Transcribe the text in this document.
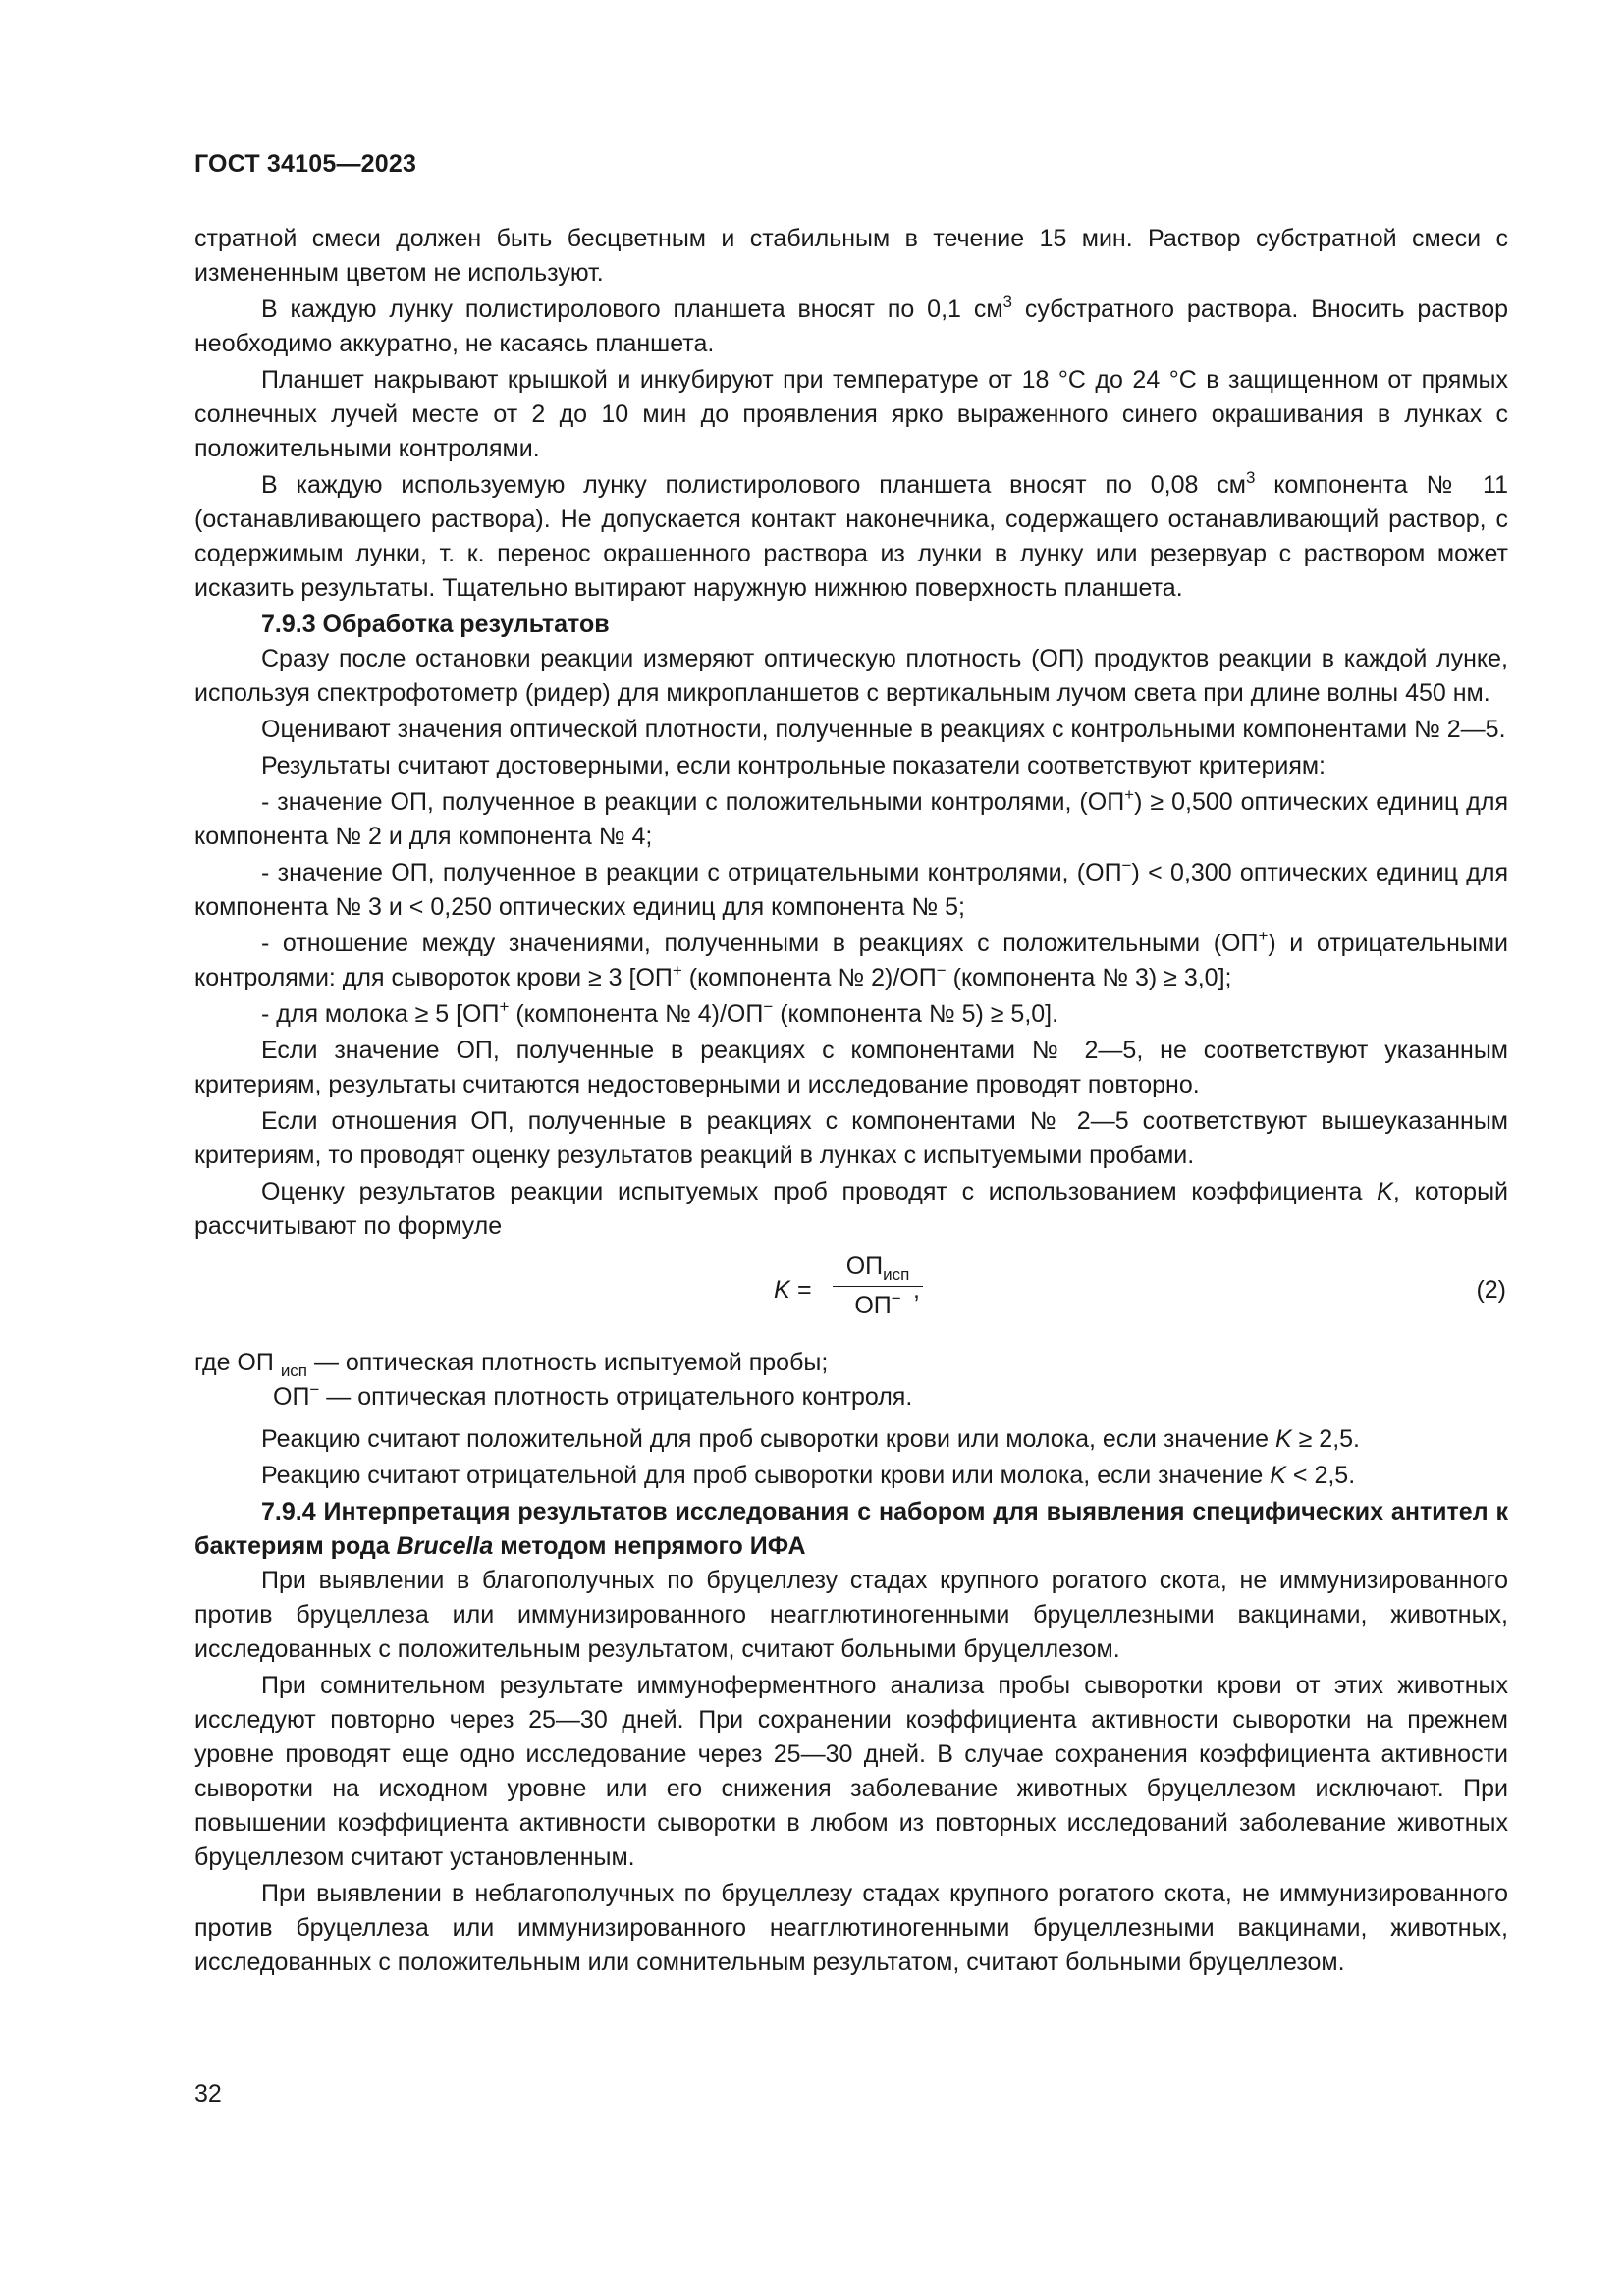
ГОСТ 34105—2023

стратной смеси должен быть бесцветным и стабильным в течение 15 мин. Раствор субстратной смеси с измененным цветом не используют.

В каждую лунку полистиролового планшета вносят по 0,1 $см^3$ субстратного раствора. Вносить раствор необходимо аккуратно, не касаясь планшета.

Планшет накрывают крышкой и инкубируют при температуре от 18 °С до 24 °С в защищенном от прямых солнечных лучей месте от 2 до 10 мин до проявления ярко выраженного синего окрашивания в лунках с положительными контролями.

В каждую используемую лунку полистиролового планшета вносят по 0,08 $см^3$ компонента № 11 (останавливающего раствора). Не допускается контакт наконечника, содержащего останавливающий раствор, с содержимым лунки, т. к. перенос окрашенного раствора из лунки в лунку или резервуар с раствором может исказить результаты. Тщательно вытирают наружную нижнюю поверхность планшета.

7.9.3 Обработка результатов

Сразу после остановки реакции измеряют оптическую плотность (ОП) продуктов реакции в каждой лунке, используя спектрофотометр (ридер) для микропланшетов с вертикальным лучом света при длине волны 450 нм.

Оценивают значения оптической плотности, полученные в реакциях с контрольными компонентами № 2—5.

Результаты считают достоверными, если контрольные показатели соответствуют критериям:

- значение ОП, полученное в реакции с положительными контролями, (ОП+) ≥ 0,500 оптических единиц для компонента № 2 и для компонента № 4;

- значение ОП, полученное в реакции с отрицательными контролями, (ОП−) < 0,300 оптических единиц для компонента № 3 и < 0,250 оптических единиц для компонента № 5;

- отношение между значениями, полученными в реакциях с положительными (ОП+) и отрицательными контролями: для сывороток крови ≥ 3 [ОП+ (компонента № 2)/ОП− (компонента № 3) ≥ 3,0];

- для молока ≥ 5 [ОП+ (компонента № 4)/ОП− (компонента № 5) ≥ 5,0].

Если значение ОП, полученные в реакциях с компонентами № 2—5, не соответствуют указанным критериям, результаты считаются недостоверными и исследование проводят повторно.

Если отношения ОП, полученные в реакциях с компонентами № 2—5 соответствуют вышеуказанным критериям, то проводят оценку результатов реакций в лунках с испытуемыми пробами.

Оценку результатов реакции испытуемых проб проводят с использованием коэффициента K, который рассчитывают по формуле

K =
$ОП_{исп}$
ОП− ,	(2)
где ОП $_{исп}$ — оптическая плотность испытуемой пробы;
ОП− — оптическая плотность отрицательного контроля.

Реакцию считают положительной для проб сыворотки крови или молока, если значение K ≥ 2,5.

Реакцию считают отрицательной для проб сыворотки крови или молока, если значение K < 2,5.

7.9.4 Интерпретация результатов исследования с набором для выявления специфических антител к бактериям рода Brucella методом непрямого ИФА

При выявлении в благополучных по бруцеллезу стадах крупного рогатого скота, не иммунизированного против бруцеллеза или иммунизированного неагглютиногенными бруцеллезными вакцинами, животных, исследованных с положительным результатом, считают больными бруцеллезом.

При сомнительном результате иммуноферментного анализа пробы сыворотки крови от этих животных исследуют повторно через 25—30 дней. При сохранении коэффициента активности сыворотки на прежнем уровне проводят еще одно исследование через 25—30 дней. В случае сохранения коэффициента активности сыворотки на исходном уровне или его снижения заболевание животных бруцеллезом исключают. При повышении коэффициента активности сыворотки в любом из повторных исследований заболевание животных бруцеллезом считают установленным.

При выявлении в неблагополучных по бруцеллезу стадах крупного рогатого скота, не иммунизированного против бруцеллеза или иммунизированного неагглютиногенными бруцеллезными вакцинами, животных, исследованных с положительным или сомнительным результатом, считают больными бруцеллезом.

32
